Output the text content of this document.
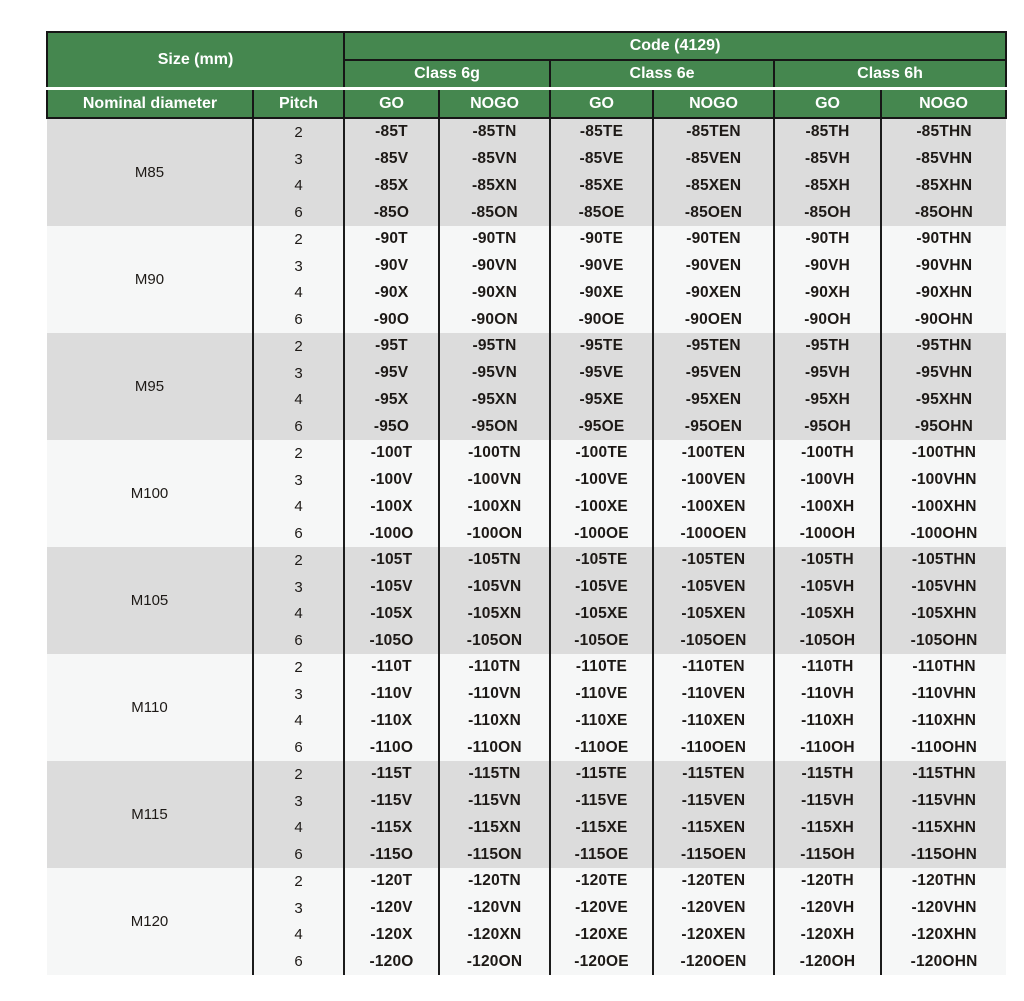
Size (mm)		Code (4129)					
		Class 6g		Class 6e		Class 6h	
Nominal diameter	Pitch	GO	NOGO	GO	NOGO	GO	NOGO
M85	2	-85T	-85TN	-85TE	-85TEN	-85TH	-85THN
	3	-85V	-85VN	-85VE	-85VEN	-85VH	-85VHN
	4	-85X	-85XN	-85XE	-85XEN	-85XH	-85XHN
	6	-85O	-85ON	-85OE	-85OEN	-85OH	-85OHN
M90	2	-90T	-90TN	-90TE	-90TEN	-90TH	-90THN
	3	-90V	-90VN	-90VE	-90VEN	-90VH	-90VHN
	4	-90X	-90XN	-90XE	-90XEN	-90XH	-90XHN
	6	-90O	-90ON	-90OE	-90OEN	-90OH	-90OHN
M95	2	-95T	-95TN	-95TE	-95TEN	-95TH	-95THN
	3	-95V	-95VN	-95VE	-95VEN	-95VH	-95VHN
	4	-95X	-95XN	-95XE	-95XEN	-95XH	-95XHN
	6	-95O	-95ON	-95OE	-95OEN	-95OH	-95OHN
M100	2	-100T	-100TN	-100TE	-100TEN	-100TH	-100THN
	3	-100V	-100VN	-100VE	-100VEN	-100VH	-100VHN
	4	-100X	-100XN	-100XE	-100XEN	-100XH	-100XHN
	6	-100O	-100ON	-100OE	-100OEN	-100OH	-100OHN
M105	2	-105T	-105TN	-105TE	-105TEN	-105TH	-105THN
	3	-105V	-105VN	-105VE	-105VEN	-105VH	-105VHN
	4	-105X	-105XN	-105XE	-105XEN	-105XH	-105XHN
	6	-105O	-105ON	-105OE	-105OEN	-105OH	-105OHN
M110	2	-110T	-110TN	-110TE	-110TEN	-110TH	-110THN
	3	-110V	-110VN	-110VE	-110VEN	-110VH	-110VHN
	4	-110X	-110XN	-110XE	-110XEN	-110XH	-110XHN
	6	-110O	-110ON	-110OE	-110OEN	-110OH	-110OHN
M115	2	-115T	-115TN	-115TE	-115TEN	-115TH	-115THN
	3	-115V	-115VN	-115VE	-115VEN	-115VH	-115VHN
	4	-115X	-115XN	-115XE	-115XEN	-115XH	-115XHN
	6	-115O	-115ON	-115OE	-115OEN	-115OH	-115OHN
M120	2	-120T	-120TN	-120TE	-120TEN	-120TH	-120THN
	3	-120V	-120VN	-120VE	-120VEN	-120VH	-120VHN
	4	-120X	-120XN	-120XE	-120XEN	-120XH	-120XHN
	6	-120O	-120ON	-120OE	-120OEN	-120OH	-120OHN
